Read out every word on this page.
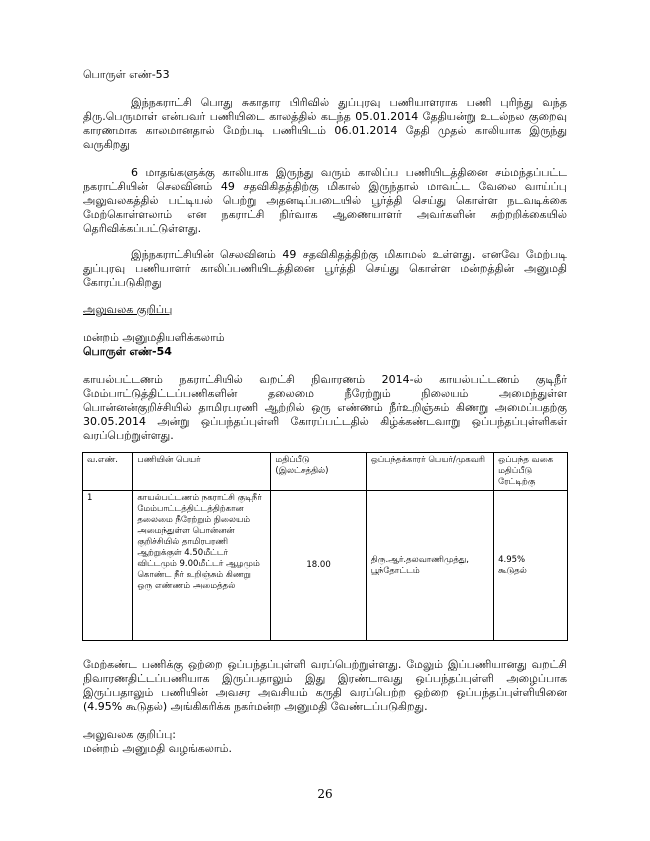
பொருள் எண்-53

இந்நகராட்சி பொது சுகாதார பிரிவில் துப்புரவு பணியாளராக பணி புரிந்து வந்த திரு.பெருமாள் என்பவர் பணியிடை காலத்தில் கடந்த 05.01.2014 தேதியன்று உடல்நல குறைவு காரணமாக காலமானதால் மேற்படி பணியிடம் 06.01.2014 தேதி முதல் காலியாக இருந்து வருகிறது

6 மாதங்களுக்கு காலியாக இருந்து வரும் காலிப்ப பணியிடத்தினை சம்மந்தப்பட்ட நகராட்சியின் செலவினம் 49 சதவிகிதத்திற்கு மிகால் இருந்தால் மாவட்ட வேலை வாய்ப்பு அலுவலகத்தில் பட்டியல் பெற்று அதனடிப்படையில் பூர்த்தி செய்து கொள்ள நடவடிக்கை மேற்கொள்ளலாம் என நகராட்சி நிர்வாக ஆணையாளர் அவர்களின் சுற்றறிக்கையில் தெரிவிக்கப்பட்டுள்ளது.

இந்நகராட்சியின் செலவினம் 49 சதவிகிதத்திற்கு மிகாமல் உள்ளது. எனவே மேற்படி துப்புரவு பணியாளர் காலிப்பணியிடத்தினை பூர்த்தி செய்து கொள்ள மன்றத்தின் அனுமதி கோரப்படுகிறது

அலுவலக குறிப்பு

மன்றம் அனுமதியளிக்கலாம்

பொருள் எண்-54

காயல்பட்டணம் நகராட்சியில் வறட்சி நிவாரணம் 2014-ல் காயல்பட்டணம் குடிநீர் மேம்பாட்டுத்திட்டப்பணிகளின் தலைமை நீரேற்றும் நிலையம் அமைந்துள்ள பொன்னன்குறிச்சியில் தாமிரபரணி ஆற்றில் ஒரு எண்ணம் நீர்உறிஞ்சும் கிணறு அமைப்பதற்கு 30.05.2014 அன்று ஒப்பந்தப்புள்ளி கோரப்பட்டதில் கிழ்க்கண்டவாறு ஒப்பந்தப்புள்ளிகள் வரப்பெற்றுள்ளது.

வ.எண்.	பணியின் பெயர்	மதிப்பீடு (இலட்சத்தில்)	ஒப்பந்தக்காரர் பெயர்/முகவரி	ஒப்பந்த வகை மதிப்பீடு ரேட்டிற்கு
1	காயல்பட்டணம் நகராட்சி குடிநீர் மேம்பாட்டத்திட்டத்திற்கான தலைமை நீரேற்றும் நிலையம் அமைந்துள்ள பொன்னன் குறிச்சியில் தாமிரபரணி ஆற்றுக்குள் 4.50மீட்டர் விட்டமும் 9.00மீட்டர் ஆழமும் கொண்ட நீர் உறிஞ்சும் கிணறு ஒரு எண்ணம் அமைத்தல்	18.00	திரு.ஆர்.தலவாணிமுத்து, பூந்தோட்டம்	4.95%
கூடுதல்

மேற்கண்ட பணிக்கு ஒற்றை ஒப்பந்தப்புள்ளி வரப்பெற்றுள்ளது. மேலும் இப்பணியானது வறட்சி நிவாரணதிட்டப்பணியாக இருப்பதாலும் இது இரண்டாவது ஒப்பந்தப்புள்ளி அழைப்பாக இருப்பதாலும் பணியின் அவசர அவசியம் கருதி வரப்பெற்ற ஒற்றை ஒப்பந்தப்புள்ளியினை (4.95% கூடுதல்) அங்கிகரிக்க நகர்மன்ற அனுமதி வேண்டப்படுகிறது.

அலுவலக குறிப்பு:

மன்றம் அனுமதி வழங்கலாம்.

26
